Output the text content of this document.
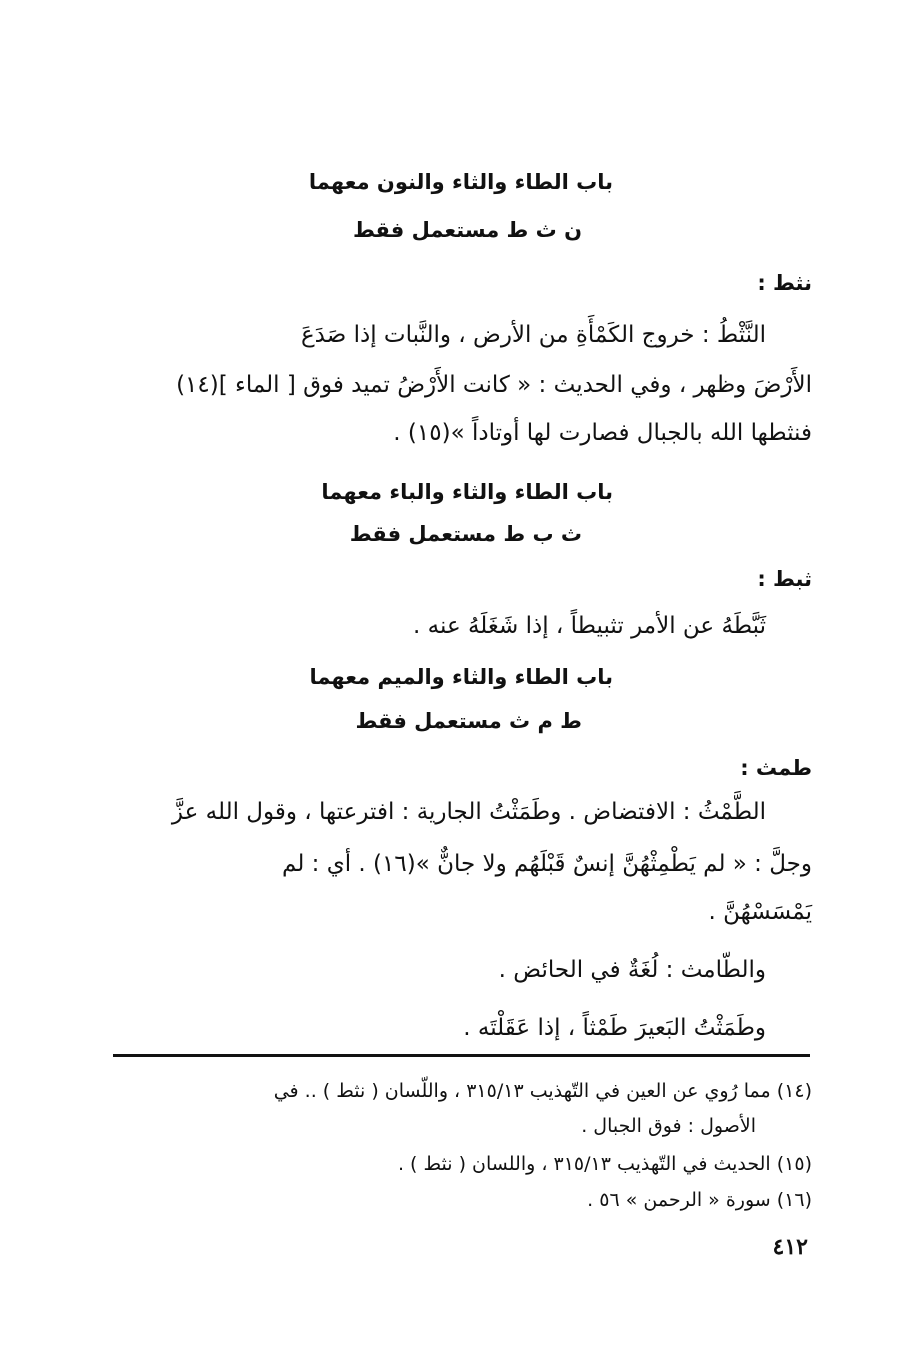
باب الطاء والثاء والنون معهما
ن ث ط مستعمل فقط
نثط :
النَّثْطُ : خروج الكَمْأَةِ من الأرض ، والنَّبات إذا صَدَعَ
الأَرْضَ وظهر ، وفي الحديث : « كانت الأَرْضُ تميد فوق [ الماء ](١٤)
فنثطها الله بالجبال فصارت لها أوتاداً »(١٥) .
باب الطاء والثاء والباء معهما
ث ب ط مستعمل فقط
ثبط :
ثَبَّطَهُ عن الأمر تثبيطاً ، إذا شَغَلَهُ عنه .
باب الطاء والثاء والميم معهما
ط م ث مستعمل فقط
طمث :
الطَّمْثُ : الافتضاض . وطَمَثْتُ الجارية : افترعتها ، وقول الله عزَّ
وجلَّ : « لم يَطْمِثْهُنَّ إنسٌ قَبْلَهُم ولا جانٌّ »(١٦) . أي : لم
يَمْسَسْهُنَّ .
والطّامث : لُغَةٌ في الحائض .
وطَمَثْتُ البَعيرَ طَمْثاً ، إذا عَقَلْتَه .
(١٤) مما رُوي عن العين في التّهذيب ٣١٥/١٣ ، واللّسان ( نثط ) .. في
الأصول : فوق الجبال .
(١٥) الحديث في التّهذيب ٣١٥/١٣ ، واللسان ( نثط ) .
(١٦) سورة « الرحمن » ٥٦ .
٤١٢
